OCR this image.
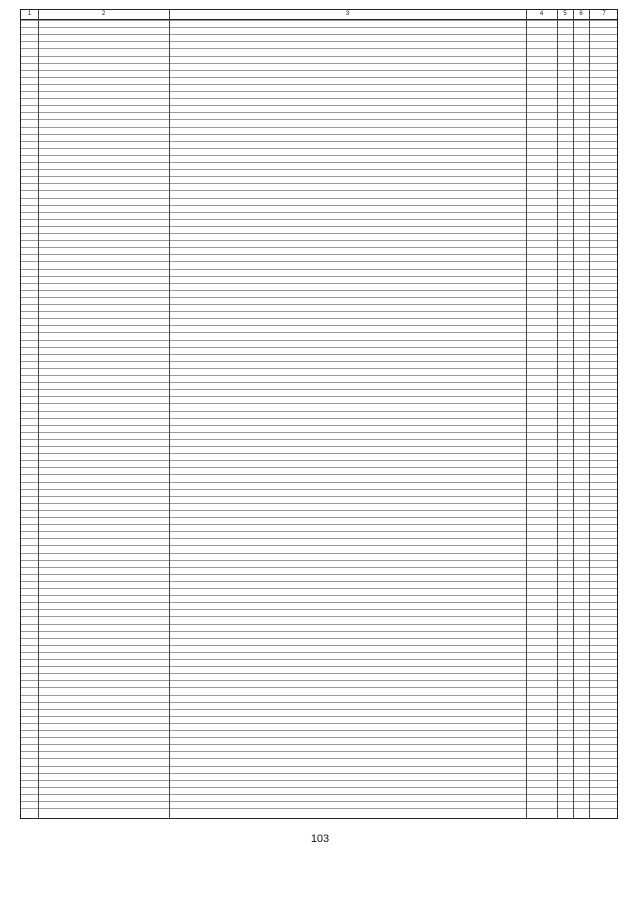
1	2	3	4	5	6	7
103
